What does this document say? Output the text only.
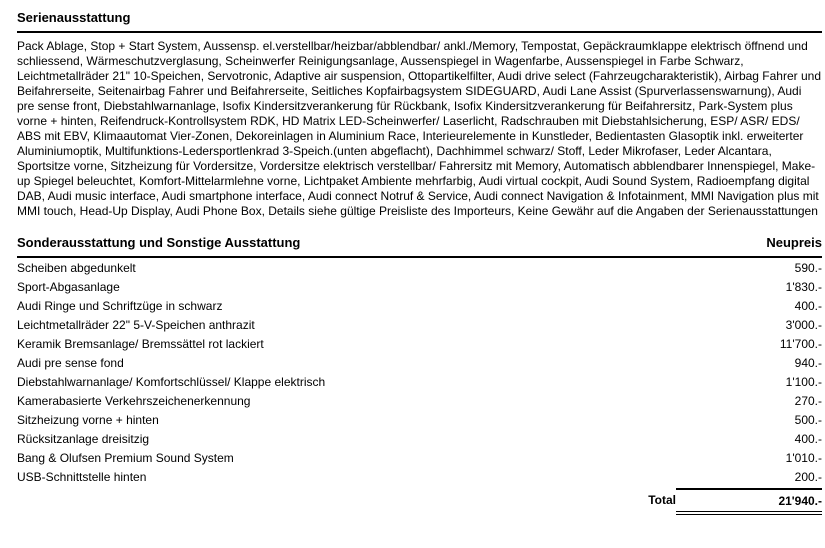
Serienausstattung

Pack Ablage, Stop + Start System, Aussensp. el.verstellbar/heizbar/abblendbar/ ankl./Memory, Tempostat, Gepäckraumklappe elektrisch öffnend und schliessend, Wärmeschutzverglasung, Scheinwerfer Reinigungsanlage, Aussenspiegel in Wagenfarbe, Aussenspiegel in Farbe Schwarz, Leichtmetallräder 21" 10-Speichen, Servotronic, Adaptive air suspension, Ottopartikelfilter, Audi drive select (Fahrzeugcharakteristik), Airbag Fahrer und Beifahrerseite, Seitenairbag Fahrer und Beifahrerseite, Seitliches Kopfairbagsystem SIDEGUARD, Audi Lane Assist (Spurverlassenswarnung), Audi pre sense front, Diebstahlwarnanlage, Isofix Kindersitzverankerung für Rückbank, Isofix Kindersitzverankerung für Beifahrersitz, Park-System plus vorne + hinten, Reifendruck-Kontrollsystem RDK, HD Matrix LED-Scheinwerfer/ Laserlicht, Radschrauben mit Diebstahlsicherung, ESP/ ASR/ EDS/ ABS mit EBV, Klimaautomat Vier-Zonen, Dekoreinlagen in Aluminium Race, Interieurelemente in Kunstleder, Bedientasten Glasoptik inkl. erweiterter Aluminiumoptik, Multifunktions-Ledersportlenkrad 3-Speich.(unten abgeflacht), Dachhimmel schwarz/ Stoff, Leder Mikrofaser, Leder Alcantara, Sportsitze vorne, Sitzheizung für Vordersitze, Vordersitze elektrisch verstellbar/ Fahrersitz mit Memory, Automatisch abblendbarer Innenspiegel, Make-up Spiegel beleuchtet, Komfort-Mittelarmlehne vorne, Lichtpaket Ambiente mehrfarbig, Audi virtual cockpit, Audi Sound System, Radioempfang digital DAB, Audi music interface, Audi smartphone interface, Audi connect Notruf & Service, Audi connect Navigation & Infotainment, MMI Navigation plus mit MMI touch, Head-Up Display, Audi Phone Box, Details siehe gültige Preisliste des Importeurs, Keine Gewähr auf die Angaben der Serienausstattungen

Sonderausstattung und Sonstige Ausstattung	Neupreis
Scheiben abgedunkelt	590.-
Sport-Abgasanlage	1'830.-
Audi Ringe und Schriftzüge in schwarz	400.-
Leichtmetallräder 22" 5-V-Speichen anthrazit	3'000.-
Keramik Bremsanlage/ Bremssättel rot lackiert	11'700.-
Audi pre sense fond	940.-
Diebstahlwarnanlage/ Komfortschlüssel/ Klappe elektrisch	1'100.-
Kamerabasierte Verkehrszeichenerkennung	270.-
Sitzheizung vorne + hinten	500.-
Rücksitzanlage dreisitzig	400.-
Bang & Olufsen Premium Sound System	1'010.-
USB-Schnittstelle hinten	200.-
Total	21'940.-
